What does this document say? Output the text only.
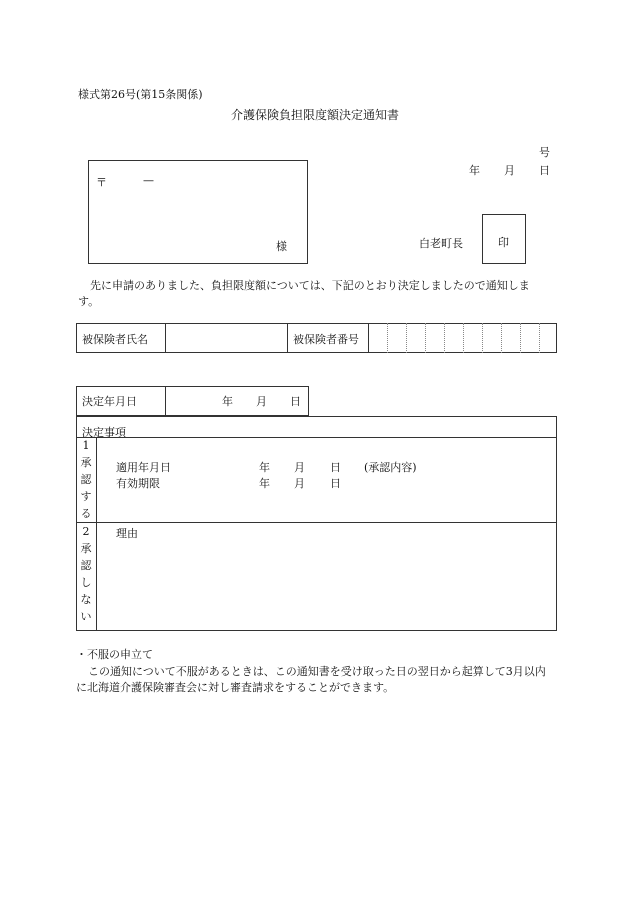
様式第26号(第15条関係)
介護保険負担限度額決定通知書
号
年 月 日
〒	—
様	白老町長	印
先に申請のありました、負担限度額については、下記のとおり決定しましたので通知します。
被保険者氏名	被保険者番号
決定年月日	年 月 日
決定事項
1
承
認
す
る
適用年月日	年 月 日 (承認内容)
有効期限	年 月 日
2
承
認
し
な
い
理由
・不服の申立て
この通知について不服があるときは、この通知書を受け取った日の翌日から起算して3月以内に北海道介護保険審査会に対し審査請求をすることができます。
